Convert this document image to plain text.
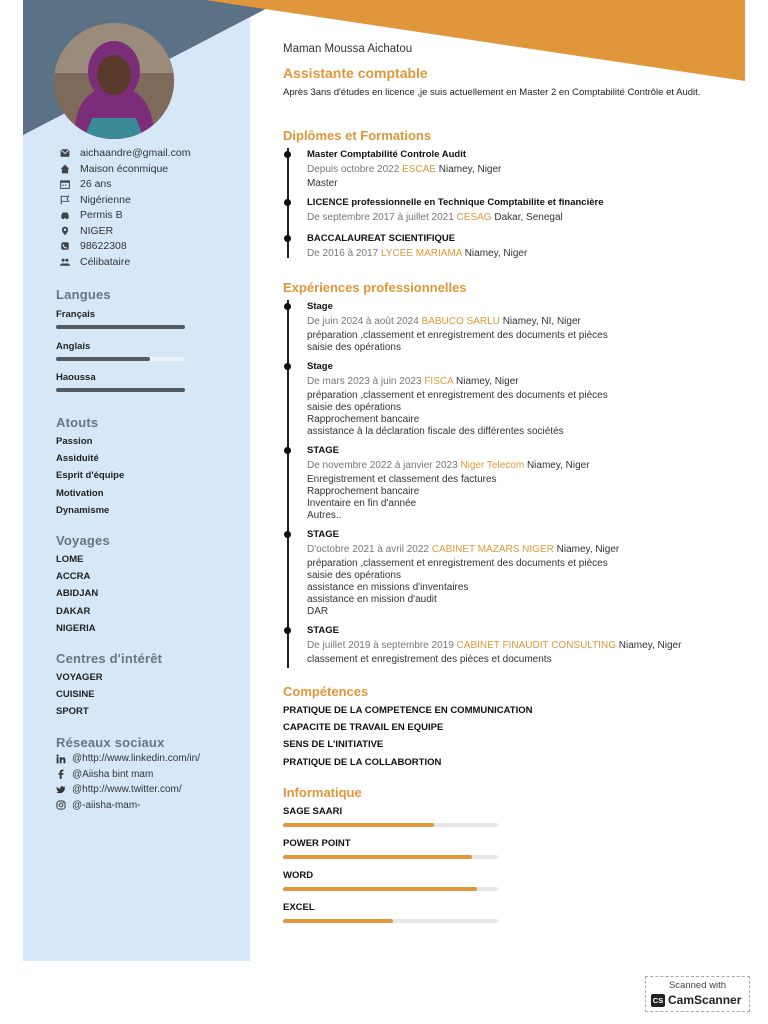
aichaandre@gmail.com
Maison éconmique
26 ans
Nigérienne
Permis B
NIGER
98622308
Célibataire
Langues
Français
Anglais
Haoussa
Atouts
Passion
Assiduité
Esprit d'équipe
Motivation
Dynamisme
Voyages
LOME
ACCRA
ABIDJAN
DAKAR
NIGERIA
Centres d'intérêt
VOYAGER
CUISINE
SPORT
Réseaux sociaux
@http://www.linkedin.com/in/
@Aiisha bint mam
@http://www.twitter.com/
@-aiisha-mam-
Maman Moussa Aichatou
Assistante comptable
Après 3ans d'études en licence ,je suis actuellement en Master 2 en Comptabilité Contrôle et Audit.
Diplômes et Formations
Master Comptabilité Controle Audit
Depuis octobre 2022 ESCAE Niamey, Niger
Master
LICENCE professionnelle en Technique Comptabilite et financière
De septembre 2017 à juillet 2021 CESAG Dakar, Senegal
BACCALAUREAT SCIENTIFIQUE
De 2016 à 2017 LYCEE MARIAMA Niamey, Niger
Expériences professionnelles
Stage
De juin 2024 à août 2024 BABUCO SARLU Niamey, NI, Niger
préparation ,classement et enregistrement des documents et pièces
saisie des opérations
Stage
De mars 2023 à juin 2023 FISCA Niamey, Niger
préparation ,classement et enregistrement des documents et pièces
saisie des opérations
Rapprochement bancaire
assistance à la déclaration fiscale des différentes sociétés
STAGE
De novembre 2022 à janvier 2023 Niger Telecom Niamey, Niger
Enregistrement et classement des factures
Rapprochement bancaire
Inventaire en fin d'année
Autres..
STAGE
D'octobre 2021 à avril 2022 CABINET MAZARS NIGER Niamey, Niger
préparation ,classement et enregistrement des documents et pièces
saisie des opérations
assistance en missions d'inventaires
assistance en mission d'audit
DAR
STAGE
De juillet 2019 à septembre 2019 CABINET FINAUDIT CONSULTING Niamey, Niger
classement et enregistrement des pièces et documents
Compétences
PRATIQUE DE LA COMPETENCE EN COMMUNICATION
CAPACITE DE TRAVAIL EN EQUIPE
SENS DE L'INITIATIVE
PRATIQUE DE LA COLLABORTION
Informatique
SAGE SAARI
POWER POINT
WORD
EXCEL
Scanned with
CS CamScanner
